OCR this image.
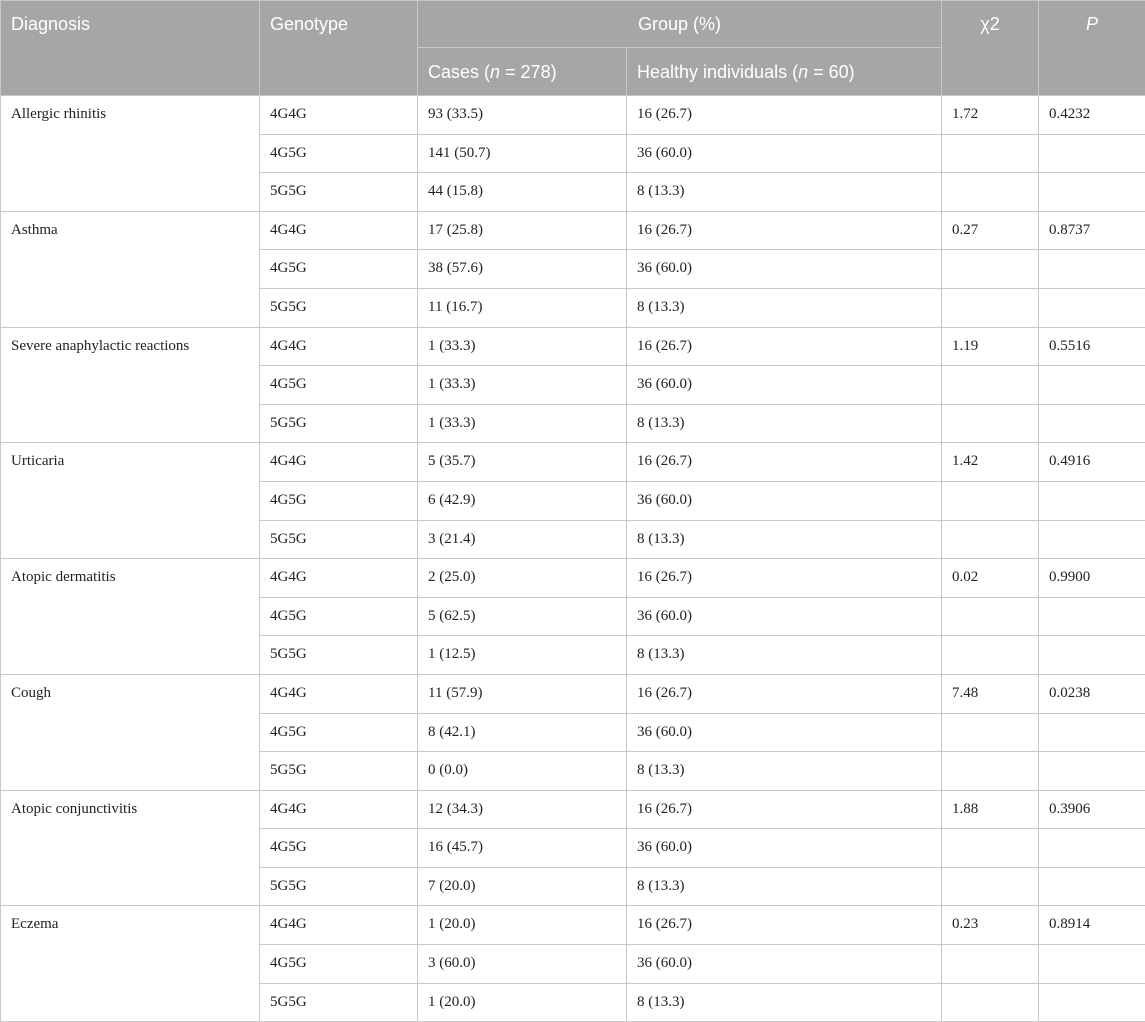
Diagnosis	Genotype	Group (%)		χ2	P
		Cases (n = 278)	Healthy individuals (n = 60)		
Allergic rhinitis	4G4G	93 (33.5)	16 (26.7)	1.72	0.4232
	4G5G	141 (50.7)	36 (60.0)		
	5G5G	44 (15.8)	8 (13.3)		
Asthma	4G4G	17 (25.8)	16 (26.7)	0.27	0.8737
	4G5G	38 (57.6)	36 (60.0)		
	5G5G	11 (16.7)	8 (13.3)		
Severe anaphylactic reactions	4G4G	1 (33.3)	16 (26.7)	1.19	0.5516
	4G5G	1 (33.3)	36 (60.0)		
	5G5G	1 (33.3)	8 (13.3)		
Urticaria	4G4G	5 (35.7)	16 (26.7)	1.42	0.4916
	4G5G	6 (42.9)	36 (60.0)		
	5G5G	3 (21.4)	8 (13.3)		
Atopic dermatitis	4G4G	2 (25.0)	16 (26.7)	0.02	0.9900
	4G5G	5 (62.5)	36 (60.0)		
	5G5G	1 (12.5)	8 (13.3)		
Cough	4G4G	11 (57.9)	16 (26.7)	7.48	0.0238
	4G5G	8 (42.1)	36 (60.0)		
	5G5G	0 (0.0)	8 (13.3)		
Atopic conjunctivitis	4G4G	12 (34.3)	16 (26.7)	1.88	0.3906
	4G5G	16 (45.7)	36 (60.0)		
	5G5G	7 (20.0)	8 (13.3)		
Eczema	4G4G	1 (20.0)	16 (26.7)	0.23	0.8914
	4G5G	3 (60.0)	36 (60.0)		
	5G5G	1 (20.0)	8 (13.3)		
